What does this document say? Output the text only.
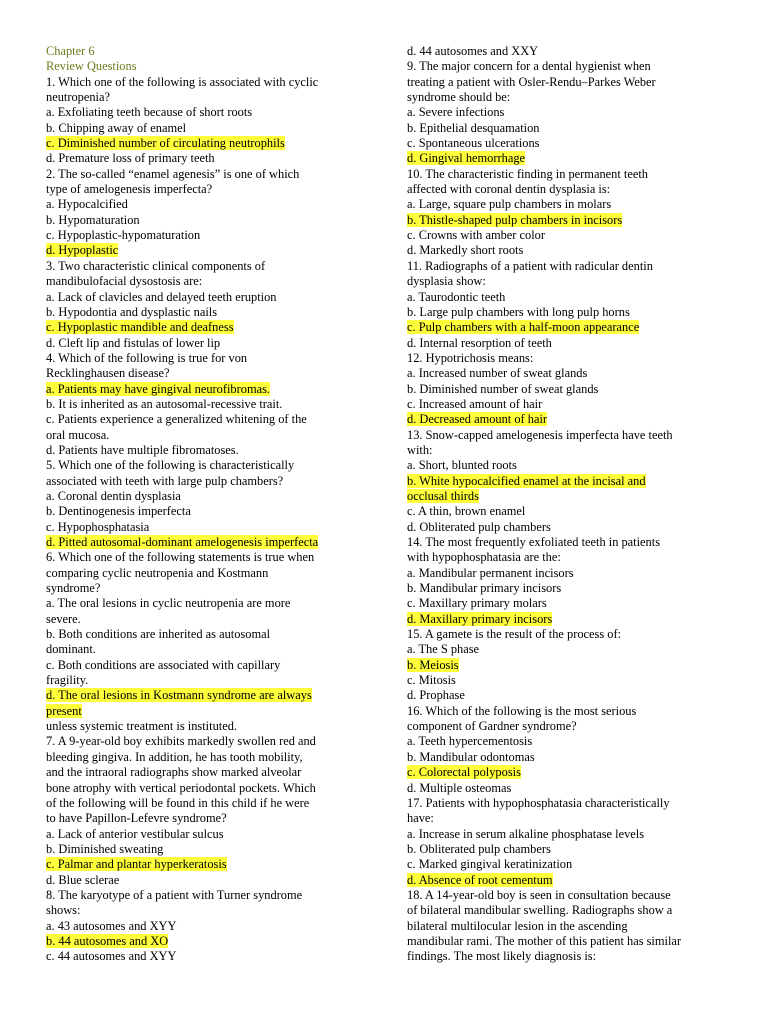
Chapter 6
Review Questions
1. Which one of the following is associated with cyclic
neutropenia?
a. Exfoliating teeth because of short roots
b. Chipping away of enamel
c. Diminished number of circulating neutrophils
d. Premature loss of primary teeth
2. The so-called “enamel agenesis” is one of which
type of amelogenesis imperfecta?
a. Hypocalcified
b. Hypomaturation
c. Hypoplastic-hypomaturation
d. Hypoplastic
3. Two characteristic clinical components of
mandibulofacial dysostosis are:
a. Lack of clavicles and delayed teeth eruption
b. Hypodontia and dysplastic nails
c. Hypoplastic mandible and deafness
d. Cleft lip and fistulas of lower lip
4. Which of the following is true for von
Recklinghausen disease?
a. Patients may have gingival neurofibromas.
b. It is inherited as an autosomal-recessive trait.
c. Patients experience a generalized whitening of the
oral mucosa.
d. Patients have multiple fibromatoses.
5. Which one of the following is characteristically
associated with teeth with large pulp chambers?
a. Coronal dentin dysplasia
b. Dentinogenesis imperfecta
c. Hypophosphatasia
d. Pitted autosomal-dominant amelogenesis imperfecta
6. Which one of the following statements is true when
comparing cyclic neutropenia and Kostmann
syndrome?
a. The oral lesions in cyclic neutropenia are more
severe.
b. Both conditions are inherited as autosomal
dominant.
c. Both conditions are associated with capillary
fragility.
d. The oral lesions in Kostmann syndrome are always
present
unless systemic treatment is instituted.
7. A 9-year-old boy exhibits markedly swollen red and
bleeding gingiva. In addition, he has tooth mobility,
and the intraoral radiographs show marked alveolar
bone atrophy with vertical periodontal pockets. Which
of the following will be found in this child if he were
to have Papillon-Lefevre syndrome?
a. Lack of anterior vestibular sulcus
b. Diminished sweating
c. Palmar and plantar hyperkeratosis
d. Blue sclerae
8. The karyotype of a patient with Turner syndrome
shows:
a. 43 autosomes and XYY
b. 44 autosomes and XO
c. 44 autosomes and XYY
d. 44 autosomes and XXY
9. The major concern for a dental hygienist when
treating a patient with Osler-Rendu–Parkes Weber
syndrome should be:
a. Severe infections
b. Epithelial desquamation
c. Spontaneous ulcerations
d. Gingival hemorrhage
10. The characteristic finding in permanent teeth
affected with coronal dentin dysplasia is:
a. Large, square pulp chambers in molars
b. Thistle-shaped pulp chambers in incisors
c. Crowns with amber color
d. Markedly short roots
11. Radiographs of a patient with radicular dentin
dysplasia show:
a. Taurodontic teeth
b. Large pulp chambers with long pulp horns
c. Pulp chambers with a half-moon appearance
d. Internal resorption of teeth
12. Hypotrichosis means:
a. Increased number of sweat glands
b. Diminished number of sweat glands
c. Increased amount of hair
d. Decreased amount of hair
13. Snow-capped amelogenesis imperfecta have teeth
with:
a. Short, blunted roots
b. White hypocalcified enamel at the incisal and
occlusal thirds
c. A thin, brown enamel
d. Obliterated pulp chambers
14. The most frequently exfoliated teeth in patients
with hypophosphatasia are the:
a. Mandibular permanent incisors
b. Mandibular primary incisors
c. Maxillary primary molars
d. Maxillary primary incisors
15. A gamete is the result of the process of:
a. The S phase
b. Meiosis
c. Mitosis
d. Prophase
16. Which of the following is the most serious
component of Gardner syndrome?
a. Teeth hypercementosis
b. Mandibular odontomas
c. Colorectal polyposis
d. Multiple osteomas
17. Patients with hypophosphatasia characteristically
have:
a. Increase in serum alkaline phosphatase levels
b. Obliterated pulp chambers
c. Marked gingival keratinization
d. Absence of root cementum
18. A 14-year-old boy is seen in consultation because
of bilateral mandibular swelling. Radiographs show a
bilateral multilocular lesion in the ascending
mandibular rami. The mother of this patient has similar
findings. The most likely diagnosis is:
